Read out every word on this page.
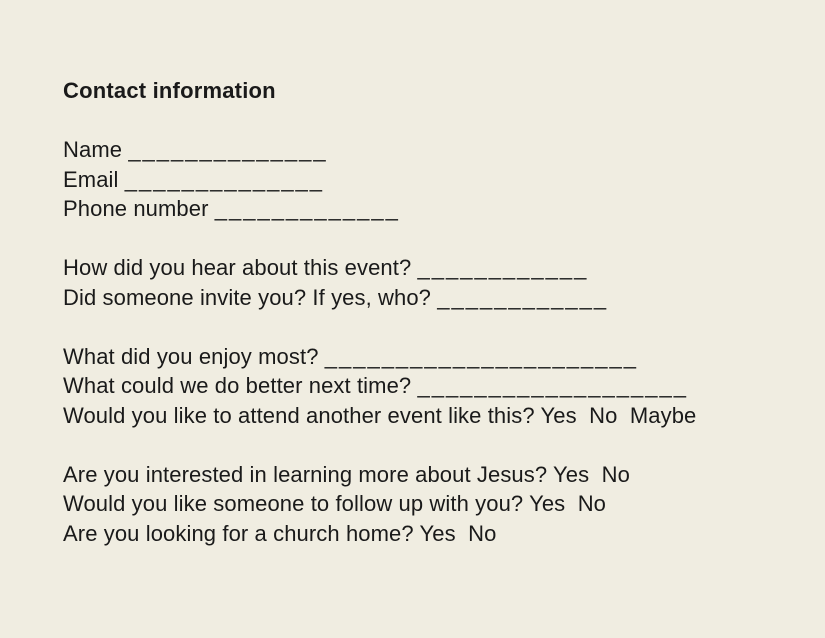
Contact information
Name ______________
Email ______________
Phone number _____________
How did you hear about this event? ____________
Did someone invite you? If yes, who? ____________
What did you enjoy most? ______________________
What could we do better next time? ___________________
Would you like to attend another event like this? Yes  No  Maybe
Are you interested in learning more about Jesus? Yes  No
Would you like someone to follow up with you? Yes  No
Are you looking for a church home? Yes  No
